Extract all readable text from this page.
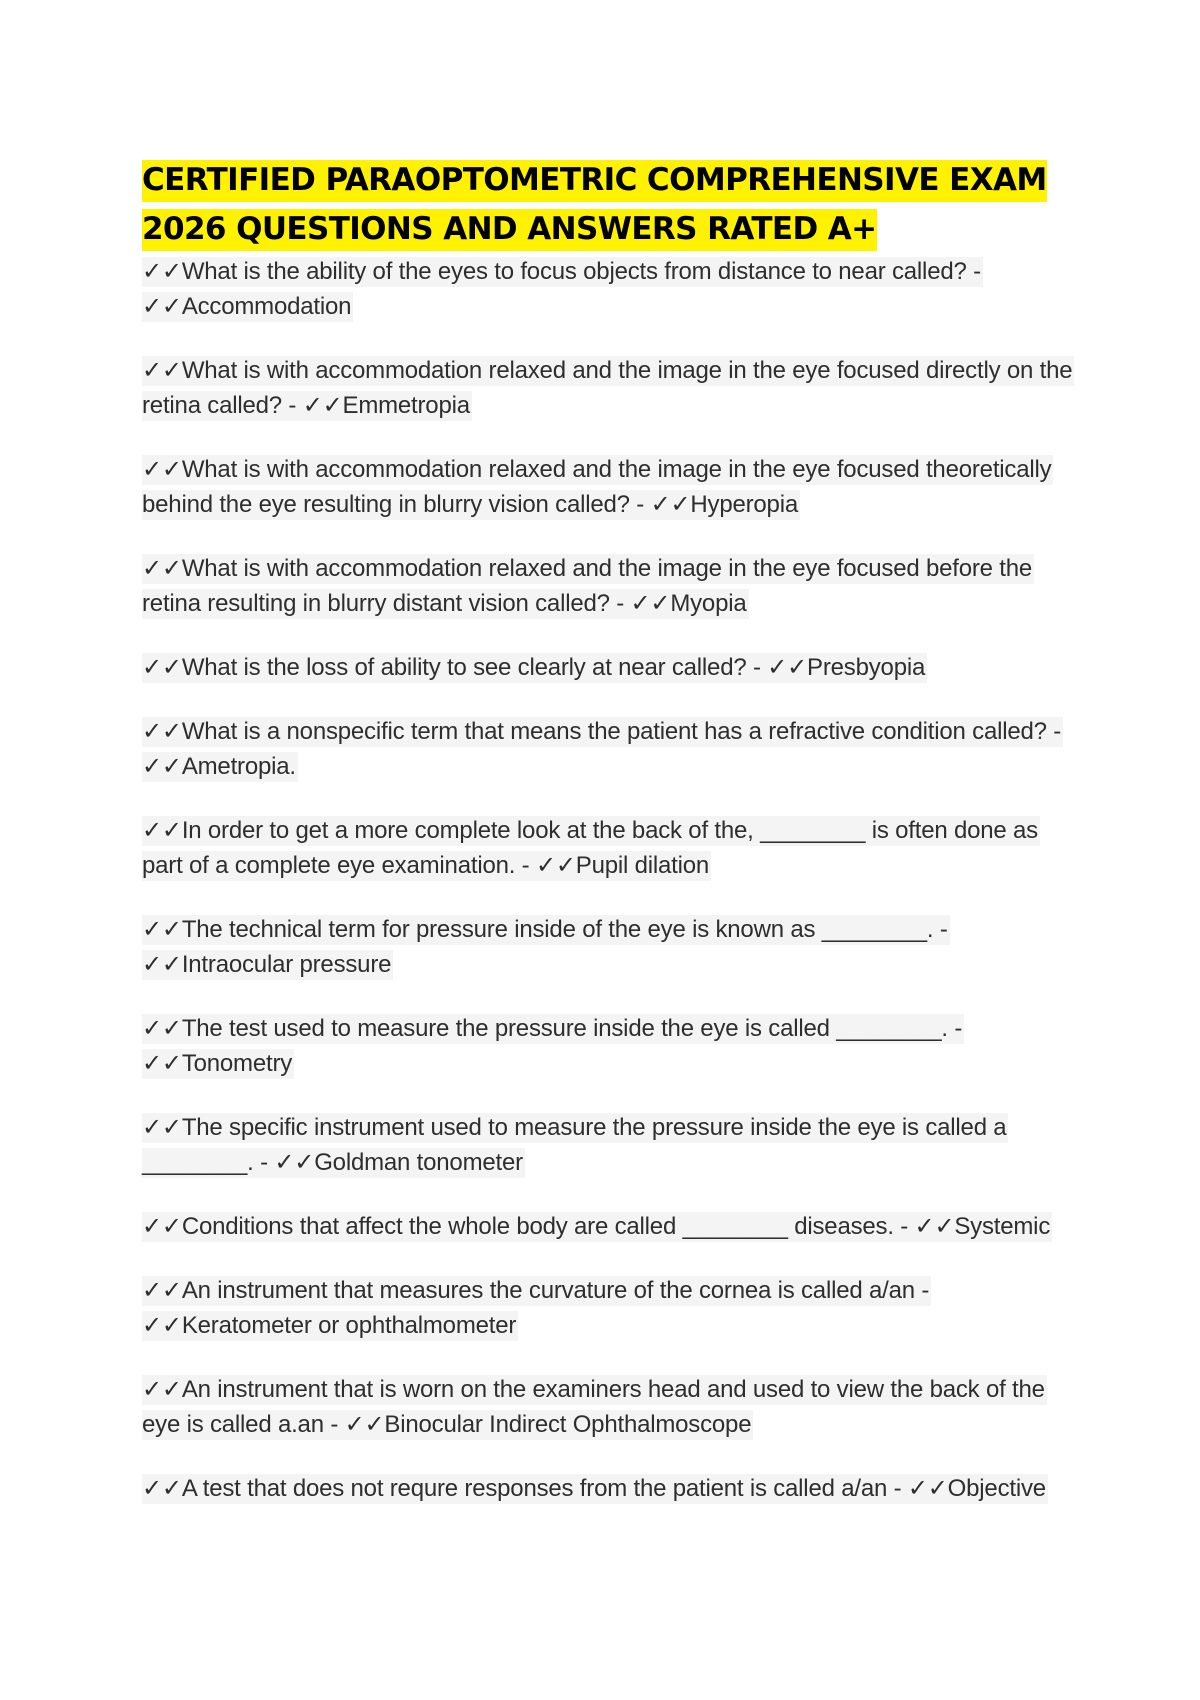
CERTIFIED PARAOPTOMETRIC COMPREHENSIVE EXAM
2026 QUESTIONS AND ANSWERS RATED A+

✓✓What is the ability of the eyes to focus objects from distance to near called? - ✓✓Accommodation

✓✓What is with accommodation relaxed and the image in the eye focused directly on the retina called? - ✓✓Emmetropia

✓✓What is with accommodation relaxed and the image in the eye focused theoretically behind the eye resulting in blurry vision called? - ✓✓Hyperopia

✓✓What is with accommodation relaxed and the image in the eye focused before the retina resulting in blurry distant vision called? - ✓✓Myopia

✓✓What is the loss of ability to see clearly at near called? - ✓✓Presbyopia

✓✓What is a nonspecific term that means the patient has a refractive condition called? - ✓✓Ametropia.

✓✓In order to get a more complete look at the back of the, ________ is often done as part of a complete eye examination. - ✓✓Pupil dilation

✓✓The technical term for pressure inside of the eye is known as ________. - ✓✓Intraocular pressure

✓✓The test used to measure the pressure inside the eye is called ________. - ✓✓Tonometry

✓✓The specific instrument used to measure the pressure inside the eye is called a ________. - ✓✓Goldman tonometer

✓✓Conditions that affect the whole body are called ________ diseases. - ✓✓Systemic

✓✓An instrument that measures the curvature of the cornea is called a/an - ✓✓Keratometer or ophthalmometer

✓✓An instrument that is worn on the examiners head and used to view the back of the eye is called a.an - ✓✓Binocular Indirect Ophthalmoscope

✓✓A test that does not requre responses from the patient is called a/an - ✓✓Objective
